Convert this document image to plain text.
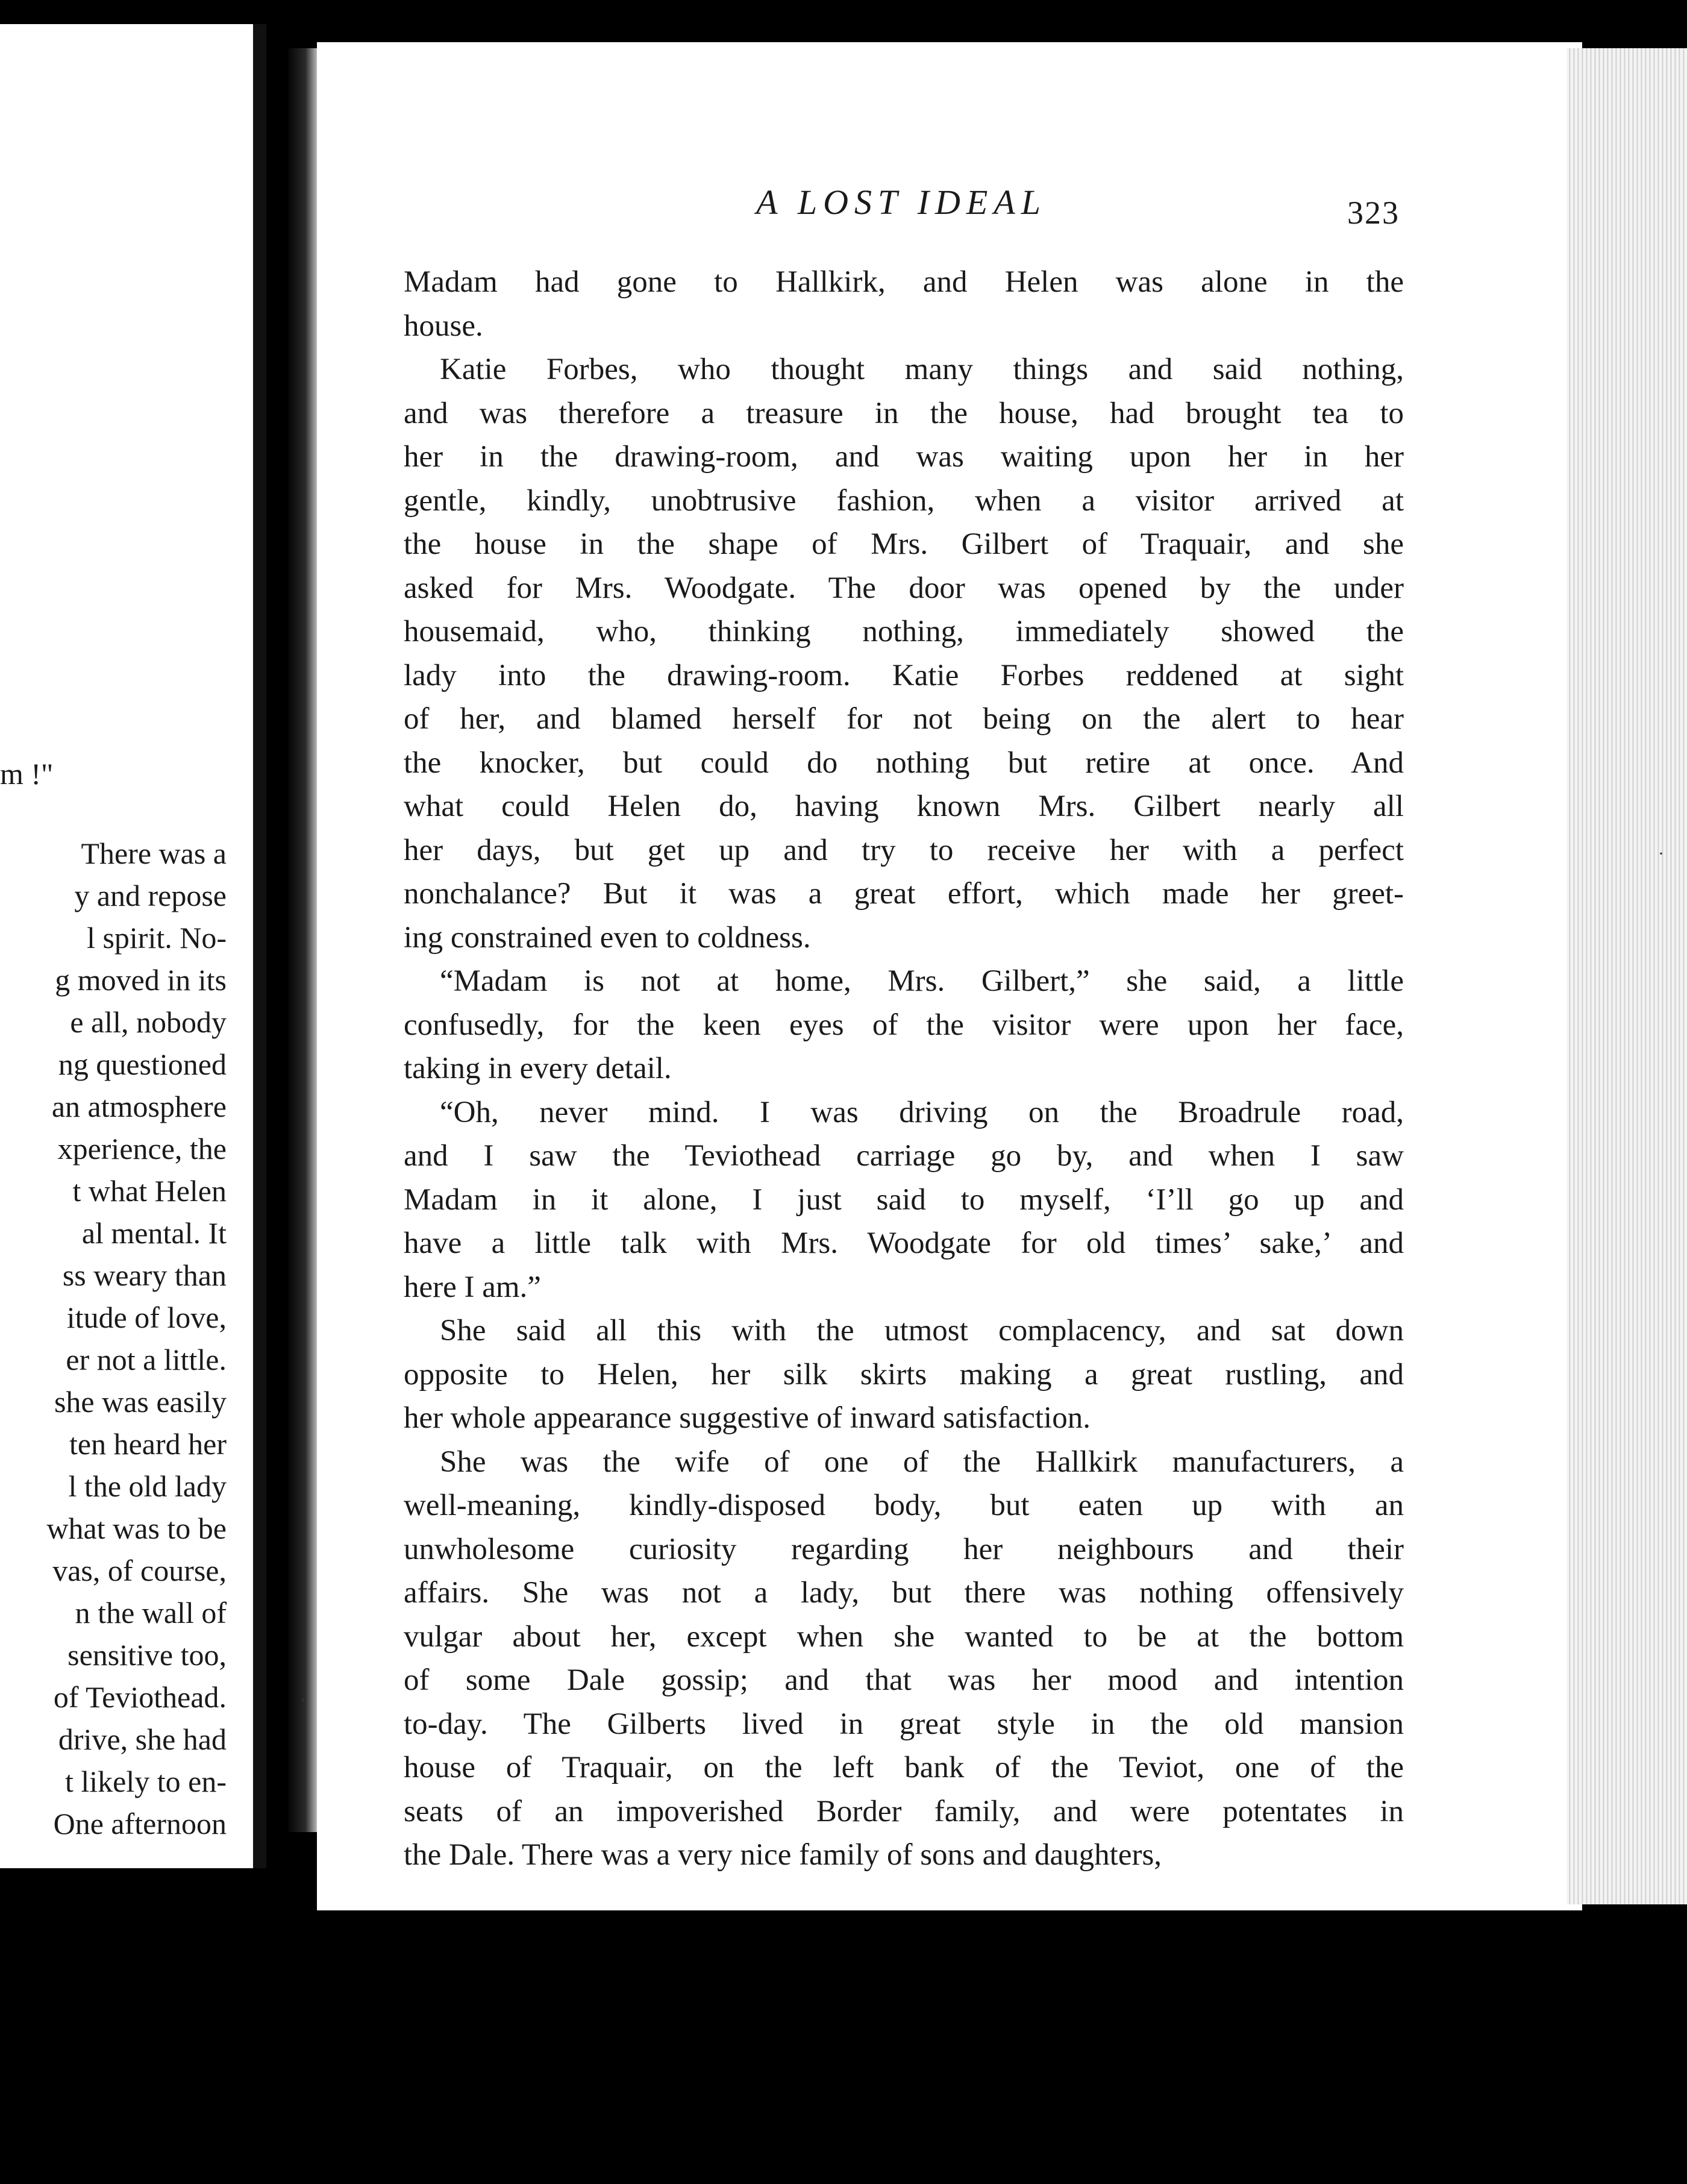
m !"
There was a
y and repose
l spirit. No-
g moved in its
e all, nobody
ng questioned
an atmosphere
xperience, the
t what Helen
al mental. It
ss weary than
itude of love,
er not a little.
she was easily
ten heard her
l the old lady
what was to be
vas, of course,
n the wall of
sensitive too,
of Teviothead.
drive, she had
t likely to en-
One afternoon
A LOST IDEAL	323
Madam had gone to Hallkirk, and Helen was alone in the
house.
Katie Forbes, who thought many things and said nothing,
and was therefore a treasure in the house, had brought tea to
her in the drawing-room, and was waiting upon her in her
gentle, kindly, unobtrusive fashion, when a visitor arrived at
the house in the shape of Mrs. Gilbert of Traquair, and she
asked for Mrs. Woodgate. The door was opened by the under
housemaid, who, thinking nothing, immediately showed the
lady into the drawing-room. Katie Forbes reddened at sight
of her, and blamed herself for not being on the alert to hear
the knocker, but could do nothing but retire at once. And
what could Helen do, having known Mrs. Gilbert nearly all
her days, but get up and try to receive her with a perfect
nonchalance? But it was a great effort, which made her greet-
ing constrained even to coldness.
“Madam is not at home, Mrs. Gilbert,” she said, a little
confusedly, for the keen eyes of the visitor were upon her face,
taking in every detail.
“Oh, never mind. I was driving on the Broadrule road,
and I saw the Teviothead carriage go by, and when I saw
Madam in it alone, I just said to myself, ‘I’ll go up and
have a little talk with Mrs. Woodgate for old times’ sake,’ and
here I am.”
She said all this with the utmost complacency, and sat down
opposite to Helen, her silk skirts making a great rustling, and
her whole appearance suggestive of inward satisfaction.
She was the wife of one of the Hallkirk manufacturers, a
well-meaning, kindly-disposed body, but eaten up with an
unwholesome curiosity regarding her neighbours and their
affairs. She was not a lady, but there was nothing offensively
vulgar about her, except when she wanted to be at the bottom
of some Dale gossip; and that was her mood and intention
to-day. The Gilberts lived in great style in the old mansion
house of Traquair, on the left bank of the Teviot, one of the
seats of an impoverished Border family, and were potentates in
the Dale. There was a very nice family of sons and daughters,
·
‘
